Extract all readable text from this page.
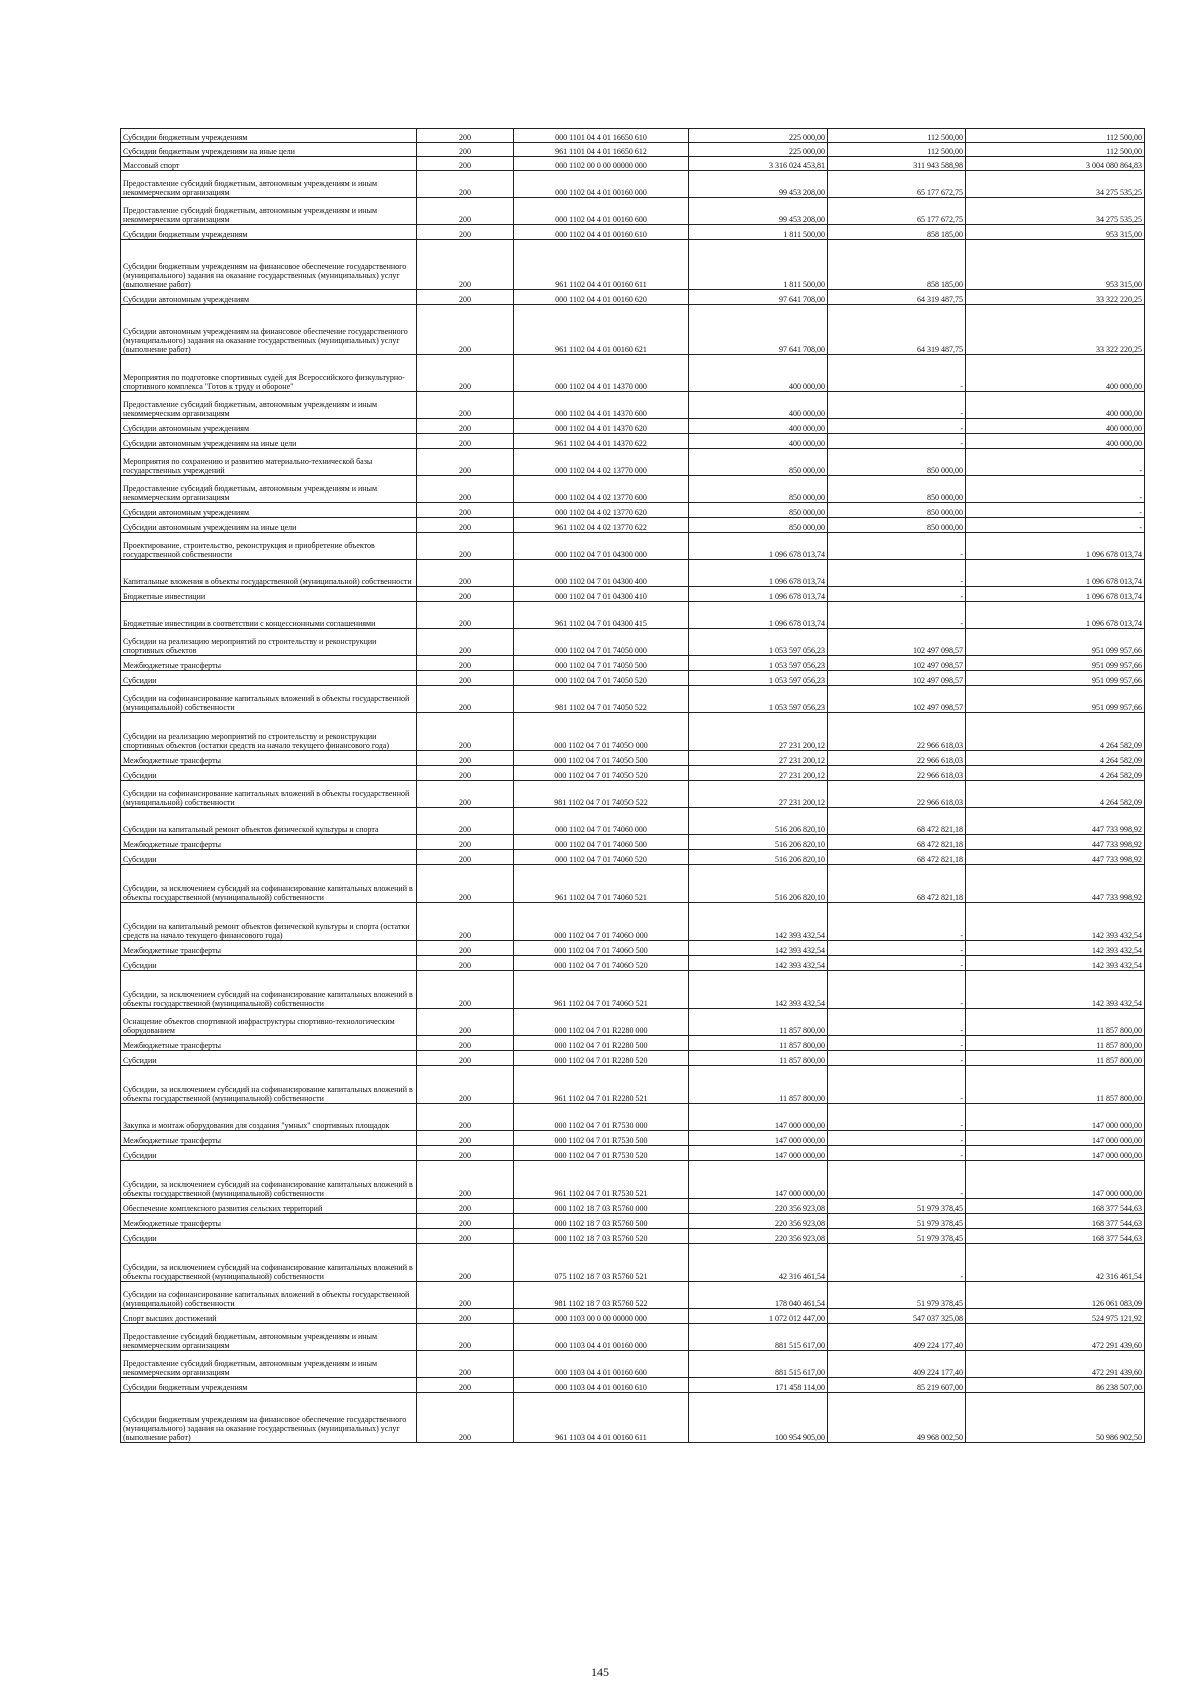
Субсидии бюджетным учреждениям	200	000 1101 04 4 01 16650 610	225 000,00	112 500,00	112 500,00
Субсидии бюджетным учреждениям на иные цели	200	961 1101 04 4 01 16650 612	225 000,00	112 500,00	112 500,00
Массовый спорт	200	000 1102 00 0 00 00000 000	3 316 024 453,81	311 943 588,98	3 004 080 864,83
Предоставление субсидий бюджетным, автономным учреждениям и иным некоммерческим организациям	200	000 1102 04 4 01 00160 000	99 453 208,00	65 177 672,75	34 275 535,25
Предоставление субсидий бюджетным, автономным учреждениям и иным некоммерческим организациям	200	000 1102 04 4 01 00160 600	99 453 208,00	65 177 672,75	34 275 535,25
Субсидии бюджетным учреждениям	200	000 1102 04 4 01 00160 610	1 811 500,00	858 185,00	953 315,00
Субсидии бюджетным учреждениям на финансовое обеспечение государственного (муниципального) задания на оказание государственных (муниципальных) услуг (выполнение работ)	200	961 1102 04 4 01 00160 611	1 811 500,00	858 185,00	953 315,00
Субсидии автономным учреждениям	200	000 1102 04 4 01 00160 620	97 641 708,00	64 319 487,75	33 322 220,25
Субсидии автономным учреждениям на финансовое обеспечение государственного (муниципального) задания на оказание государственных (муниципальных) услуг (выполнение работ)	200	961 1102 04 4 01 00160 621	97 641 708,00	64 319 487,75	33 322 220,25
Мероприятия по подготовке спортивных судей для Всероссийского физкультурно-спортивного комплекса "Готов к труду и обороне"	200	000 1102 04 4 01 14370 000	400 000,00	-	400 000,00
Предоставление субсидий бюджетным, автономным учреждениям и иным некоммерческим организациям	200	000 1102 04 4 01 14370 600	400 000,00	-	400 000,00
Субсидии автономным учреждениям	200	000 1102 04 4 01 14370 620	400 000,00	-	400 000,00
Субсидии автономным учреждениям на иные цели	200	961 1102 04 4 01 14370 622	400 000,00	-	400 000,00
Мероприятия по сохранению и развитию материально-технической базы государственных учреждений	200	000 1102 04 4 02 13770 000	850 000,00	850 000,00	-
Предоставление субсидий бюджетным, автономным учреждениям и иным некоммерческим организациям	200	000 1102 04 4 02 13770 600	850 000,00	850 000,00	-
Субсидии автономным учреждениям	200	000 1102 04 4 02 13770 620	850 000,00	850 000,00	-
Субсидии автономным учреждениям на иные цели	200	961 1102 04 4 02 13770 622	850 000,00	850 000,00	-
Проектирование, строительство, реконструкция и приобретение объектов государственной собственности	200	000 1102 04 7 01 04300 000	1 096 678 013,74	-	1 096 678 013,74
Капитальные вложения в объекты государственной (муниципальной) собственности	200	000 1102 04 7 01 04300 400	1 096 678 013,74	-	1 096 678 013,74
Бюджетные инвестиции	200	000 1102 04 7 01 04300 410	1 096 678 013,74	-	1 096 678 013,74
Бюджетные инвестиции в соответствии с концессионными соглашениями	200	961 1102 04 7 01 04300 415	1 096 678 013,74	-	1 096 678 013,74
Субсидии на реализацию мероприятий по строительству и реконструкции спортивных объектов	200	000 1102 04 7 01 74050 000	1 053 597 056,23	102 497 098,57	951 099 957,66
Межбюджетные трансферты	200	000 1102 04 7 01 74050 500	1 053 597 056,23	102 497 098,57	951 099 957,66
Субсидии	200	000 1102 04 7 01 74050 520	1 053 597 056,23	102 497 098,57	951 099 957,66
Субсидии на софинансирование капитальных вложений в объекты государственной (муниципальной) собственности	200	981 1102 04 7 01 74050 522	1 053 597 056,23	102 497 098,57	951 099 957,66
Субсидии на реализацию мероприятий по строительству и реконструкции спортивных объектов (остатки средств на начало текущего финансового года)	200	000 1102 04 7 01 7405О 000	27 231 200,12	22 966 618,03	4 264 582,09
Межбюджетные трансферты	200	000 1102 04 7 01 7405О 500	27 231 200,12	22 966 618,03	4 264 582,09
Субсидии	200	000 1102 04 7 01 7405О 520	27 231 200,12	22 966 618,03	4 264 582,09
Субсидии на софинансирование капитальных вложений в объекты государственной (муниципальной) собственности	200	981 1102 04 7 01 7405О 522	27 231 200,12	22 966 618,03	4 264 582,09
Субсидии на капитальный ремонт объектов физической культуры и спорта	200	000 1102 04 7 01 74060 000	516 206 820,10	68 472 821,18	447 733 998,92
Межбюджетные трансферты	200	000 1102 04 7 01 74060 500	516 206 820,10	68 472 821,18	447 733 998,92
Субсидии	200	000 1102 04 7 01 74060 520	516 206 820,10	68 472 821,18	447 733 998,92
Субсидии, за исключением субсидий на софинансирование капитальных вложений в объекты государственной (муниципальной) собственности	200	961 1102 04 7 01 74060 521	516 206 820,10	68 472 821,18	447 733 998,92
Субсидии на капитальный ремонт объектов физической культуры и спорта (остатки средств на начало текущего финансового года)	200	000 1102 04 7 01 7406О 000	142 393 432,54	-	142 393 432,54
Межбюджетные трансферты	200	000 1102 04 7 01 7406О 500	142 393 432,54	-	142 393 432,54
Субсидии	200	000 1102 04 7 01 7406О 520	142 393 432,54	-	142 393 432,54
Субсидии, за исключением субсидий на софинансирование капитальных вложений в объекты государственной (муниципальной) собственности	200	961 1102 04 7 01 7406О 521	142 393 432,54	-	142 393 432,54
Оснащение объектов спортивной инфраструктуры спортивно-технологическим оборудованием	200	000 1102 04 7 01 R2280 000	11 857 800,00	-	11 857 800,00
Межбюджетные трансферты	200	000 1102 04 7 01 R2280 500	11 857 800,00	-	11 857 800,00
Субсидии	200	000 1102 04 7 01 R2280 520	11 857 800,00	-	11 857 800,00
Субсидии, за исключением субсидий на софинансирование капитальных вложений в объекты государственной (муниципальной) собственности	200	961 1102 04 7 01 R2280 521	11 857 800,00	-	11 857 800,00
Закупка и монтаж оборудования для создания "умных" спортивных площадок	200	000 1102 04 7 01 R7530 000	147 000 000,00	-	147 000 000,00
Межбюджетные трансферты	200	000 1102 04 7 01 R7530 500	147 000 000,00	-	147 000 000,00
Субсидии	200	000 1102 04 7 01 R7530 520	147 000 000,00	-	147 000 000,00
Субсидии, за исключением субсидий на софинансирование капитальных вложений в объекты государственной (муниципальной) собственности	200	961 1102 04 7 01 R7530 521	147 000 000,00	-	147 000 000,00
Обеспечение комплексного развития сельских территорий	200	000 1102 18 7 03 R5760 000	220 356 923,08	51 979 378,45	168 377 544,63
Межбюджетные трансферты	200	000 1102 18 7 03 R5760 500	220 356 923,08	51 979 378,45	168 377 544,63
Субсидии	200	000 1102 18 7 03 R5760 520	220 356 923,08	51 979 378,45	168 377 544,63
Субсидии, за исключением субсидий на софинансирование капитальных вложений в объекты государственной (муниципальной) собственности	200	075 1102 18 7 03 R5760 521	42 316 461,54	-	42 316 461,54
Субсидии на софинансирование капитальных вложений в объекты государственной (муниципальной) собственности	200	981 1102 18 7 03 R5760 522	178 040 461,54	51 979 378,45	126 061 083,09
Спорт высших достижений	200	000 1103 00 0 00 00000 000	1 072 012 447,00	547 037 325,08	524 975 121,92
Предоставление субсидий бюджетным, автономным учреждениям и иным некоммерческим организациям	200	000 1103 04 4 01 00160 000	881 515 617,00	409 224 177,40	472 291 439,60
Предоставление субсидий бюджетным, автономным учреждениям и иным некоммерческим организациям	200	000 1103 04 4 01 00160 600	881 515 617,00	409 224 177,40	472 291 439,60
Субсидии бюджетным учреждениям	200	000 1103 04 4 01 00160 610	171 458 114,00	85 219 607,00	86 238 507,00
Субсидии бюджетным учреждениям на финансовое обеспечение государственного (муниципального) задания на оказание государственных (муниципальных) услуг (выполнение работ)	200	961 1103 04 4 01 00160 611	100 954 905,00	49 968 002,50	50 986 902,50
145
